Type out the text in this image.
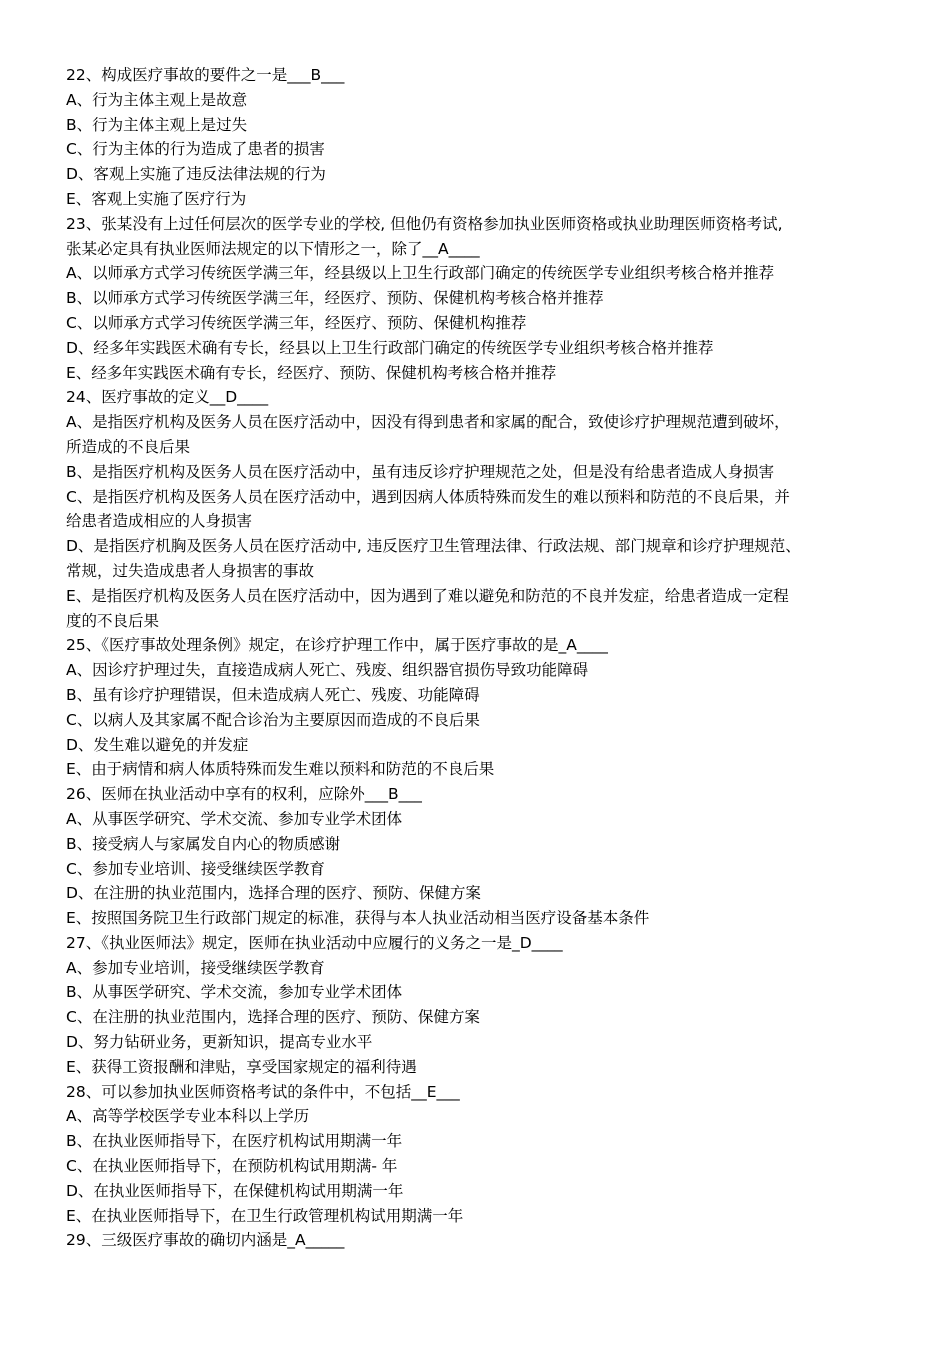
22、构成医疗事故的要件之一是___B___
A、行为主体主观上是故意
B、行为主体主观上是过失
C、行为主体的行为造成了患者的损害
D、客观上实施了违反法律法规的行为
E、客观上实施了医疗行为
23、张某没有上过任何层次的医学专业的学校, 但他仍有资格参加执业医师资格或执业助理医师资格考试,
张某必定具有执业医师法规定的以下情形之一，除了__A____
A、以师承方式学习传统医学满三年，经县级以上卫生行政部门确定的传统医学专业组织考核合格并推荐
B、以师承方式学习传统医学满三年，经医疗、预防、保健机构考核合格并推荐
C、以师承方式学习传统医学满三年，经医疗、预防、保健机构推荐
D、经多年实践医术确有专长，经县以上卫生行政部门确定的传统医学专业组织考核合格并推荐
E、经多年实践医术确有专长，经医疗、预防、保健机构考核合格并推荐
24、医疗事故的定义__D____
A、是指医疗机构及医务人员在医疗活动中，因没有得到患者和家属的配合，致使诊疗护理规范遭到破坏，
所造成的不良后果
B、是指医疗机构及医务人员在医疗活动中，虽有违反诊疗护理规范之处，但是没有给患者造成人身损害
C、是指医疗机构及医务人员在医疗活动中，遇到因病人体质特殊而发生的难以预料和防范的不良后果，并
给患者造成相应的人身损害
D、是指医疗机胸及医务人员在医疗活动中, 违反医疗卫生管理法律、行政法规、部门规章和诊疗护理规范、
常规，过失造成患者人身损害的事故
E、是指医疗机构及医务人员在医疗活动中，因为遇到了难以避免和防范的不良并发症，给患者造成一定程
度的不良后果
25、《医疗事故处理条例》规定，在诊疗护理工作中，属于医疗事故的是_A____
A、因诊疗护理过失，直接造成病人死亡、残废、组织器官损伤导致功能障碍
B、虽有诊疗护理错误，但未造成病人死亡、残废、功能障碍
C、以病人及其家属不配合诊治为主要原因而造成的不良后果
D、发生难以避免的并发症
E、由于病情和病人体质特殊而发生难以预料和防范的不良后果
26、医师在执业活动中享有的权利，应除外___B___
A、从事医学研究、学术交流、参加专业学术团体
B、接受病人与家属发自内心的物质感谢
C、参加专业培训、接受继续医学教育
D、在注册的执业范围内，选择合理的医疗、预防、保健方案
E、按照国务院卫生行政部门规定的标准，获得与本人执业活动相当医疗设备基本条件
27、《执业医师法》规定，医师在执业活动中应履行的义务之一是_D____
A、参加专业培训，接受继续医学教育
B、从事医学研究、学术交流，参加专业学术团体
C、在注册的执业范围内，选择合理的医疗、预防、保健方案
D、努力钻研业务，更新知识，提高专业水平
E、获得工资报酬和津贴，享受国家规定的福利待遇
28、可以参加执业医师资格考试的条件中，不包括__E___
A、高等学校医学专业本科以上学历
B、在执业医师指导下，在医疗机构试用期满一年
C、在执业医师指导下，在预防机构试用期满- 年
D、在执业医师指导下，在保健机构试用期满一年
E、在执业医师指导下，在卫生行政管理机构试用期满一年
29、三级医疗事故的确切内涵是_A_____
